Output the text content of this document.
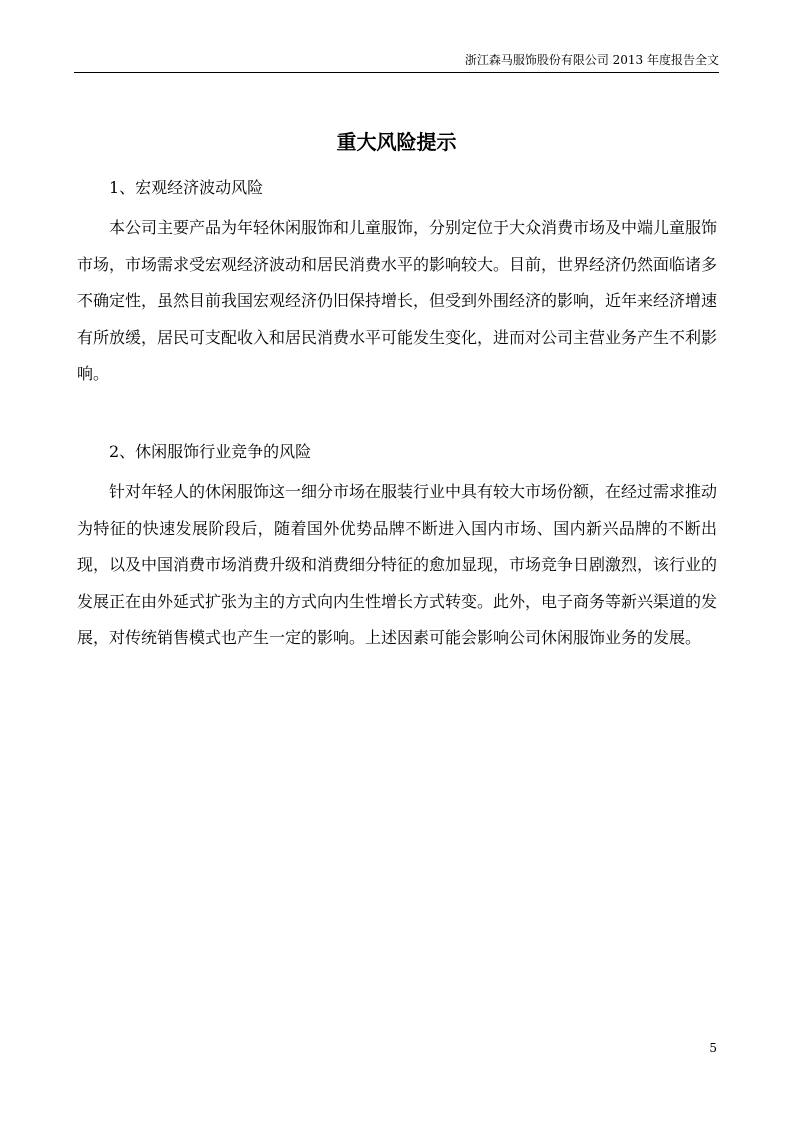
浙江森马服饰股份有限公司 2013 年度报告全文
重大风险提示
1、宏观经济波动风险

本公司主要产品为年轻休闲服饰和儿童服饰，分别定位于大众消费市场及中端儿童服饰市场，市场需求受宏观经济波动和居民消费水平的影响较大。目前，世界经济仍然面临诸多不确定性，虽然目前我国宏观经济仍旧保持增长，但受到外围经济的影响，近年来经济增速有所放缓，居民可支配收入和居民消费水平可能发生变化，进而对公司主营业务产生不利影响。

2、休闲服饰行业竞争的风险

针对年轻人的休闲服饰这一细分市场在服装行业中具有较大市场份额，在经过需求推动为特征的快速发展阶段后，随着国外优势品牌不断进入国内市场、国内新兴品牌的不断出现，以及中国消费市场消费升级和消费细分特征的愈加显现，市场竞争日剧激烈，该行业的发展正在由外延式扩张为主的方式向内生性增长方式转变。此外，电子商务等新兴渠道的发展，对传统销售模式也产生一定的影响。上述因素可能会影响公司休闲服饰业务的发展。

5
